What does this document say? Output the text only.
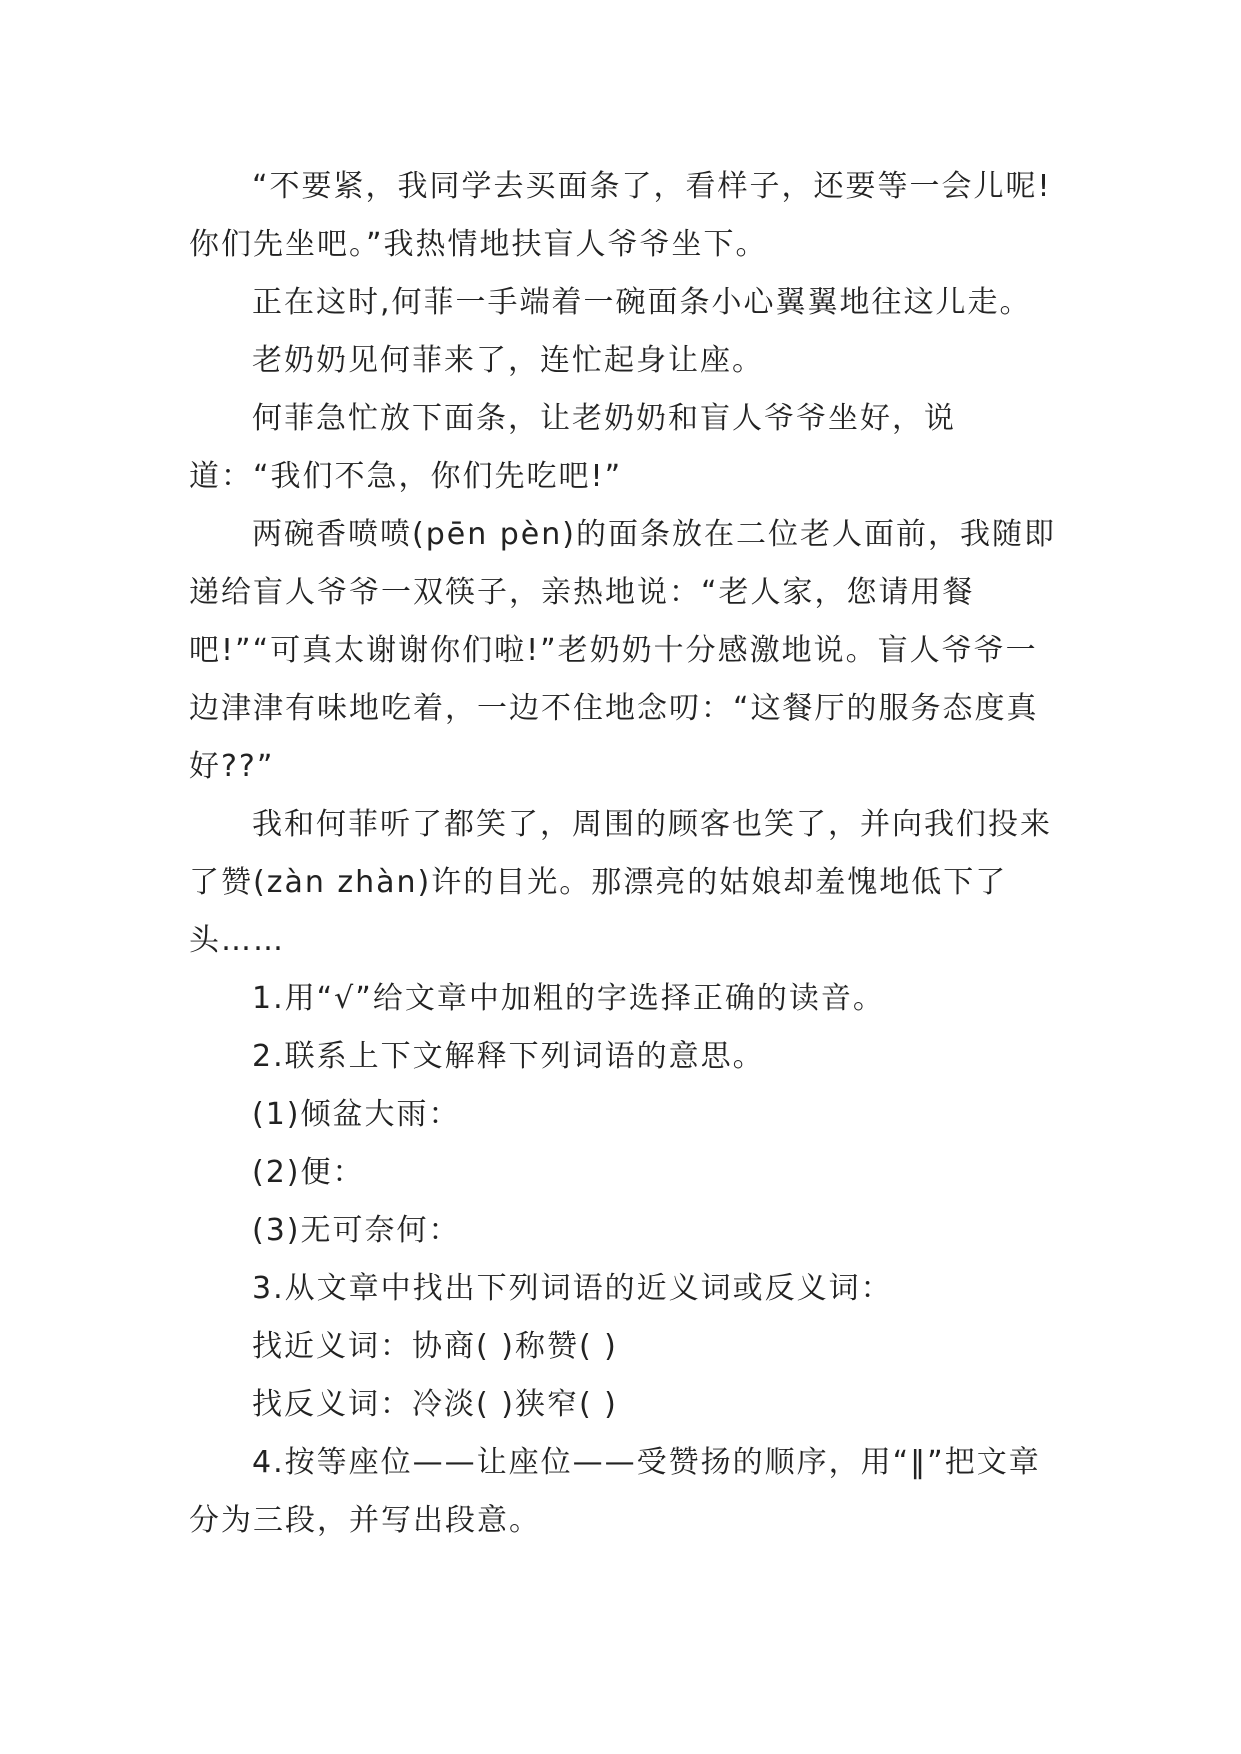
“不要紧，我同学去买面条了，看样子，还要等一会儿呢!你们先坐吧。”我热情地扶盲人爷爷坐下。

正在这时,何菲一手端着一碗面条小心翼翼地往这儿走。

老奶奶见何菲来了，连忙起身让座。

何菲急忙放下面条，让老奶奶和盲人爷爷坐好，说道：“我们不急，你们先吃吧!”

两碗香喷喷(pēn pèn)的面条放在二位老人面前，我随即递给盲人爷爷一双筷子，亲热地说：“老人家，您请用餐吧!”“可真太谢谢你们啦!”老奶奶十分感激地说。盲人爷爷一边津津有味地吃着，一边不住地念叨：“这餐厅的服务态度真好??”

我和何菲听了都笑了，周围的顾客也笑了，并向我们投来了赞(zàn zhàn)许的目光。那漂亮的姑娘却羞愧地低下了头……

1.用“√”给文章中加粗的字选择正确的读音。

2.联系上下文解释下列词语的意思。

(1)倾盆大雨：

(2)便：

(3)无可奈何：

3.从文章中找出下列词语的近义词或反义词：

找近义词：协商( )称赞( )

找反义词：冷淡( )狭窄( )

4.按等座位——让座位——受赞扬的顺序，用“‖”把文章分为三段，并写出段意。
